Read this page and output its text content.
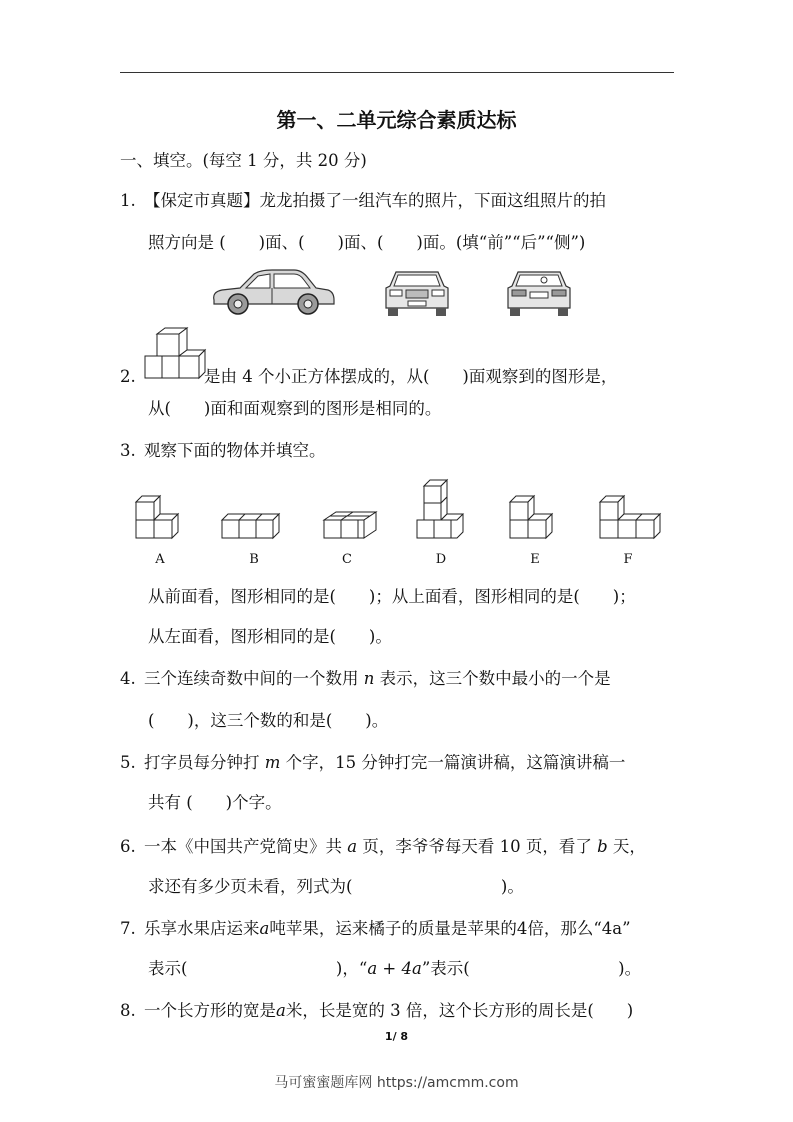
第一、二单元综合素质达标
一、填空。(每空 1 分，共 20 分)
1. 【保定市真题】龙龙拍摄了一组汽车的照片，下面这组照片的拍
照方向是 (　　)面、(　　)面、(　　)面。(填“前”“后”“侧”)
2.	是由 4 个小正方体摆成的，从(　　)面观察到的图形是，
从(　　)面和面观察到的图形是相同的。
3. 观察下面的物体并填空。
A	B	C	D	E	F
从前面看，图形相同的是(　　)；从上面看，图形相同的是(　　)；
从左面看，图形相同的是(　　)。
4. 三个连续奇数中间的一个数用 n 表示，这三个数中最小的一个是
(　　)，这三个数的和是(　　)。
5. 打字员每分钟打 m 个字，15 分钟打完一篇演讲稿，这篇演讲稿一
共有 (　　)个字。
6. 一本《中国共产党简史》共 a 页，李爷爷每天看 10 页，看了 b 天，
求还有多少页未看，列式为(　　　　　　　　　)。
7. 乐享水果店运来a吨苹果，运来橘子的质量是苹果的4倍，那么“4a”
表示(　　　　　　　　　)，“a + 4a”表示(　　　　　　　　　)。
8. 一个长方形的宽是a米，长是宽的 3 倍，这个长方形的周长是(　　)
1/ 8
马可蜜蜜题库网 https://amcmm.com
